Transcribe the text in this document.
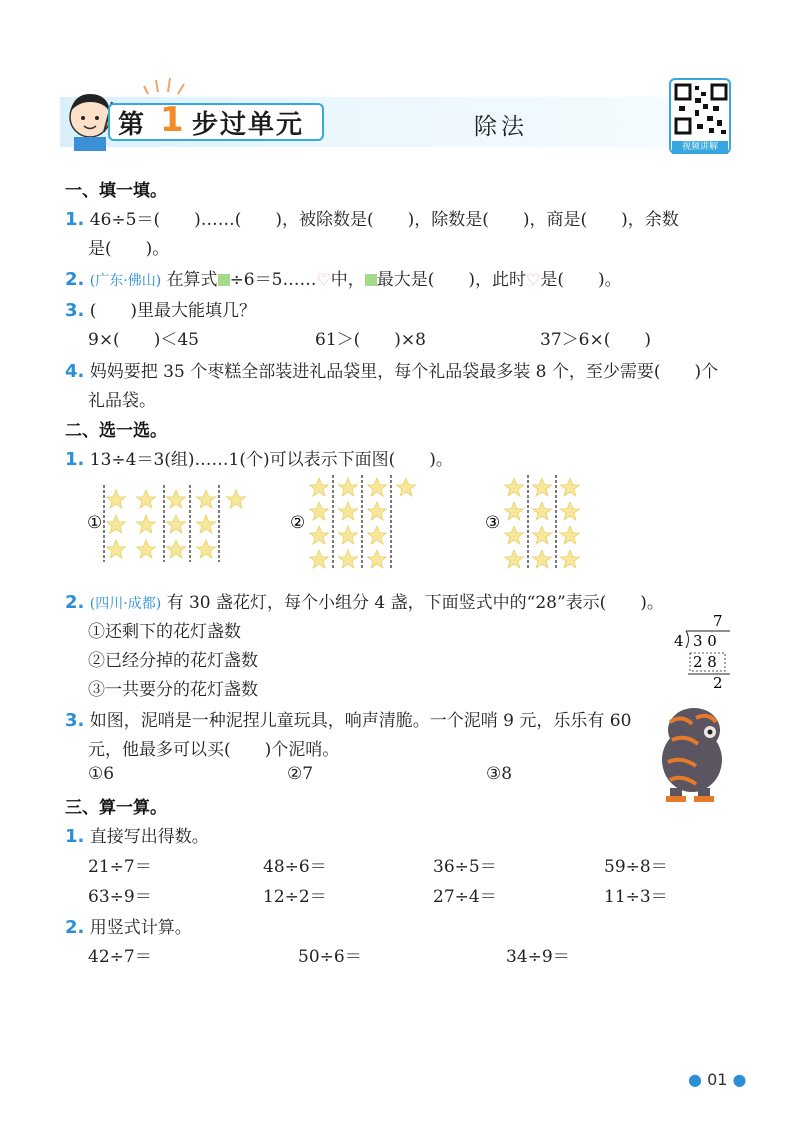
第 1 步过单元	除法
视频讲解
一、填一填。
1. 46÷5＝(　　)……(　　)，被除数是(　　)，除数是(　　)，商是(　　)，余数
是(　　)。
2. (广东·佛山) 在算式 ÷6＝5……♡中， 最大是(　　)，此时♡是(　　)。
3. (　　)里最大能填几？
9×(　　)＜45	61＞(　　)×8	37＞6×(　　)
4. 妈妈要把 35 个枣糕全部装进礼品袋里，每个礼品袋最多装 8 个，至少需要(　　)个
礼品袋。
二、选一选。
1. 13÷4＝3(组)……1(个)可以表示下面图(　　)。
①	②	③
2. (四川·成都) 有 30 盏花灯，每个小组分 4 盏，下面竖式中的“28”表示(　　)。
①还剩下的花灯盏数
②已经分掉的花灯盏数
③一共要分的花灯盏数
7
4 3 0
2 8
2
3. 如图，泥哨是一种泥捏儿童玩具，响声清脆。一个泥哨 9 元，乐乐有 60
元，他最多可以买(　　)个泥哨。
①6	②7	③8
三、算一算。
1. 直接写出得数。
21÷7＝	48÷6＝	36÷5＝	59÷8＝
63÷9＝	12÷2＝	27÷4＝	11÷3＝
2. 用竖式计算。
42÷7＝	50÷6＝	34÷9＝
● 01 ●
